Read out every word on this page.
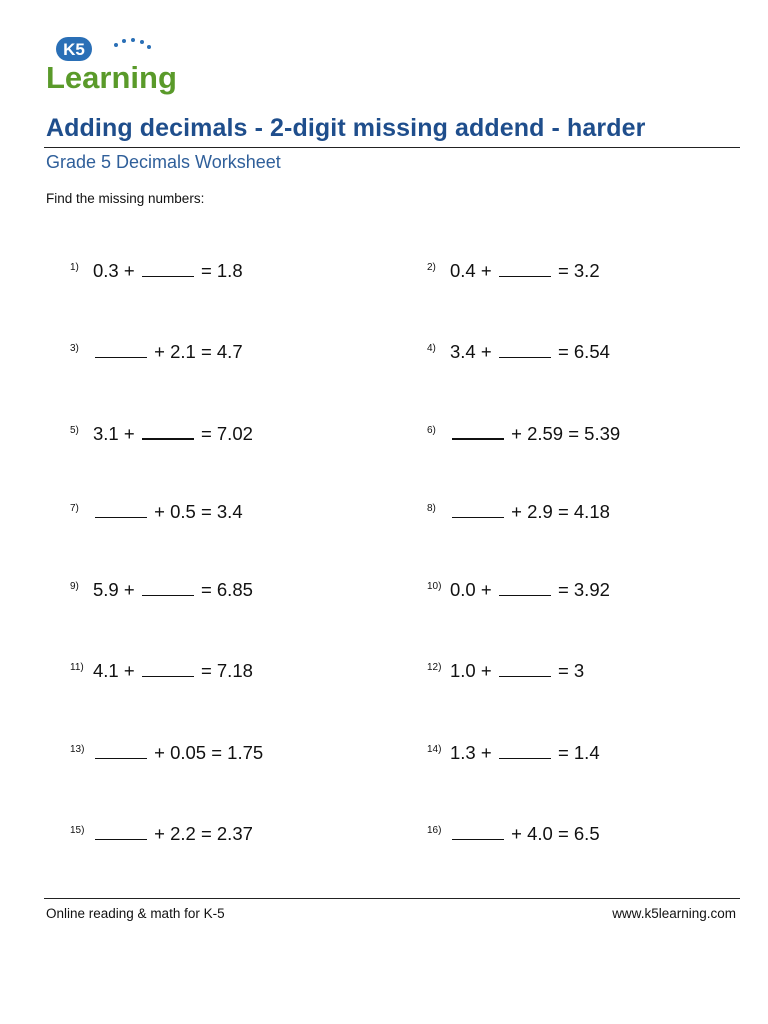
K5
Learning
Adding decimals - 2-digit missing addend - harder
Grade 5 Decimals Worksheet
Find the missing numbers:
1) 0.3 +	= 1.8	2) 0.4 +	= 3.2
3)	+ 2.1 = 4.7	4) 3.4 +	= 6.54
5) 3.1 +	= 7.02	6)	+ 2.59 = 5.39
7)	+ 0.5 = 3.4	8)	+ 2.9 = 4.18
9) 5.9 +	= 6.85	10) 0.0 +	= 3.92
11) 4.1 +	= 7.18	12) 1.0 +	= 3
13)	+ 0.05 = 1.75	14) 1.3 +	= 1.4
15)	+ 2.2 = 2.37	16)	+ 4.0 = 6.5
Online reading & math for K-5	www.k5learning.com
